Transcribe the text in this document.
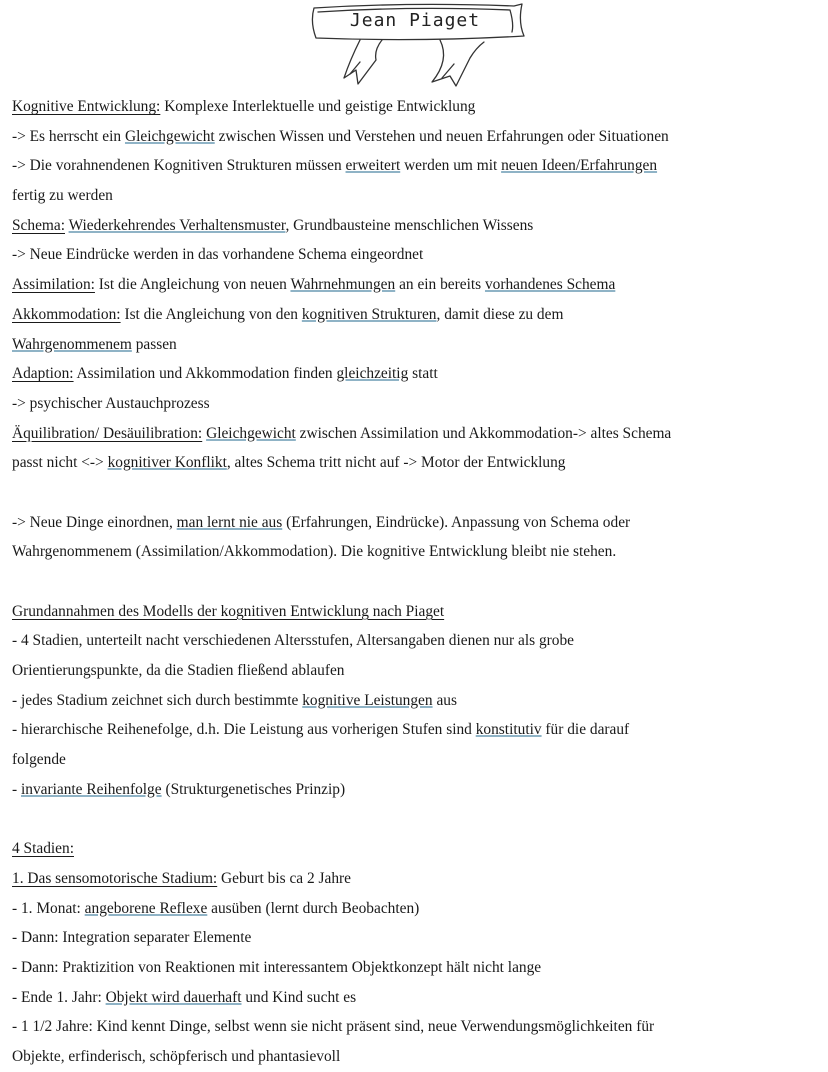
Jean Piaget
Kognitive Entwicklung: Komplexe Interlektuelle und geistige Entwicklung
-> Es herrscht ein Gleichgewicht zwischen Wissen und Verstehen und neuen Erfahrungen oder Situationen
-> Die vorahnendenen Kognitiven Strukturen müssen erweitert werden um mit neuen Ideen/Erfahrungen
fertig zu werden
Schema: Wiederkehrendes Verhaltensmuster, Grundbausteine menschlichen Wissens
-> Neue Eindrücke werden in das vorhandene Schema eingeordnet
Assimilation: Ist die Angleichung von neuen Wahrnehmungen an ein bereits vorhandenes Schema
Akkommodation: Ist die Angleichung von den kognitiven Strukturen, damit diese zu dem
Wahrgenommenem passen
Adaption: Assimilation und Akkommodation finden gleichzeitig statt
-> psychischer Austauchprozess
Äquilibration/ Desäuilibration: Gleichgewicht zwischen Assimilation und Akkommodation-> altes Schema
passt nicht <-> kognitiver Konflikt, altes Schema tritt nicht auf -> Motor der Entwicklung
-> Neue Dinge einordnen, man lernt nie aus (Erfahrungen, Eindrücke). Anpassung von Schema oder
Wahrgenommenem (Assimilation/Akkommodation). Die kognitive Entwicklung bleibt nie stehen.
Grundannahmen des Modells der kognitiven Entwicklung nach Piaget
- 4 Stadien, unterteilt nacht verschiedenen Altersstufen, Altersangaben dienen nur als grobe
Orientierungspunkte, da die Stadien fließend ablaufen
- jedes Stadium zeichnet sich durch bestimmte kognitive Leistungen aus
- hierarchische Reihenefolge, d.h. Die Leistung aus vorherigen Stufen sind konstitutiv für die darauf
folgende
- invariante Reihenfolge (Strukturgenetisches Prinzip)
4 Stadien:
1. Das sensomotorische Stadium: Geburt bis ca 2 Jahre
- 1. Monat: angeborene Reflexe ausüben (lernt durch Beobachten)
- Dann: Integration separater Elemente
- Dann: Praktizition von Reaktionen mit interessantem Objektkonzept hält nicht lange
- Ende 1. Jahr: Objekt wird dauerhaft und Kind sucht es
- 1 1/2 Jahre: Kind kennt Dinge, selbst wenn sie nicht präsent sind, neue Verwendungsmöglichkeiten für
Objekte, erfinderisch, schöpferisch und phantasievoll
